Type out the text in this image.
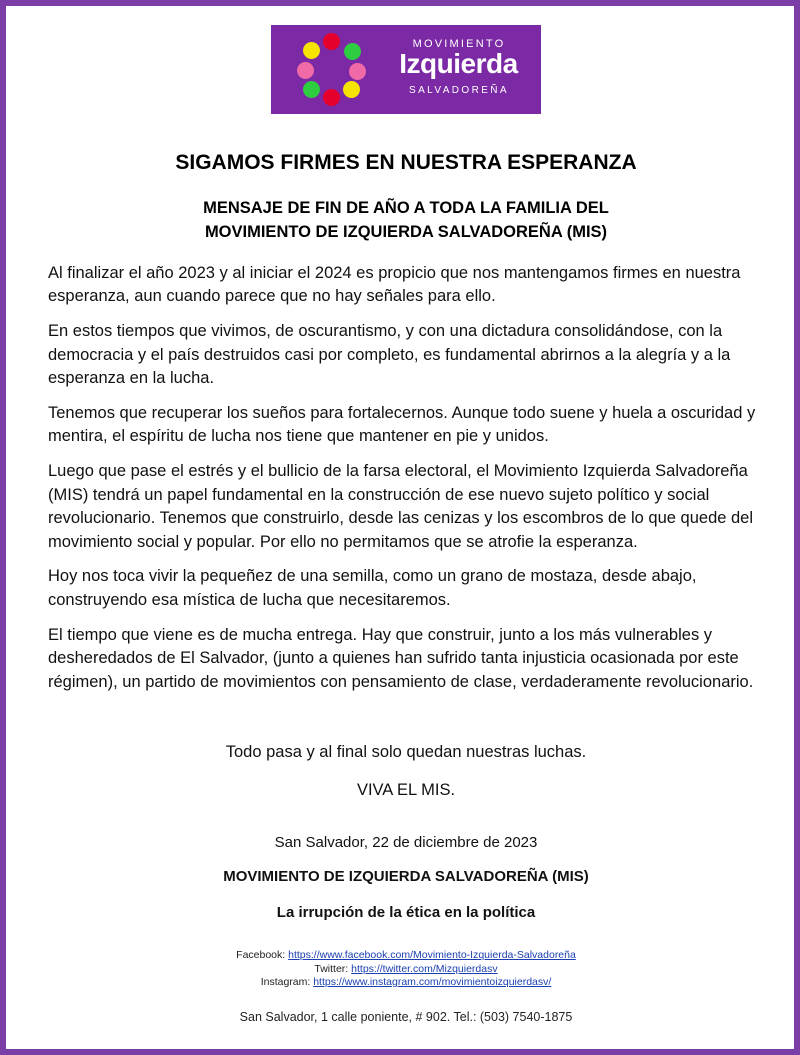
MOVIMIENTO
Izquierda
SALVADOREÑA
SIGAMOS FIRMES EN NUESTRA ESPERANZA
MENSAJE DE FIN DE AÑO A TODA LA FAMILIA DEL
MOVIMIENTO DE IZQUIERDA SALVADOREÑA (MIS)

Al finalizar el año 2023 y al iniciar el 2024 es propicio que nos mantengamos firmes en nuestra esperanza, aun cuando parece que no hay señales para ello.

En estos tiempos que vivimos, de oscurantismo, y con una dictadura consolidándose, con la democracia y el país destruidos casi por completo, es fundamental abrirnos a la alegría y a la esperanza en la lucha.

Tenemos que recuperar los sueños para fortalecernos. Aunque todo suene y huela a oscuridad y mentira, el espíritu de lucha nos tiene que mantener en pie y unidos.

Luego que pase el estrés y el bullicio de la farsa electoral, el Movimiento Izquierda Salvadoreña (MIS) tendrá un papel fundamental en la construcción de ese nuevo sujeto político y social revolucionario. Tenemos que construirlo, desde las cenizas y los escombros de lo que quede del movimiento social y popular. Por ello no permitamos que se atrofie la esperanza.

Hoy nos toca vivir la pequeñez de una semilla, como un grano de mostaza, desde abajo, construyendo esa mística de lucha que necesitaremos.

El tiempo que viene es de mucha entrega. Hay que construir, junto a los más vulnerables y desheredados de El Salvador, (junto a quienes han sufrido tanta injusticia ocasionada por este régimen), un partido de movimientos con pensamiento de clase, verdaderamente revolucionario.

Todo pasa y al final solo quedan nuestras luchas.
VIVA EL MIS.
San Salvador, 22 de diciembre de 2023
MOVIMIENTO DE IZQUIERDA SALVADOREÑA (MIS)
La irrupción de la ética en la política
Facebook: https://www.facebook.com/Movimiento-Izquierda-Salvadoreña
Twitter: https://twitter.com/Mizquierdasv
Instagram: https://www.instagram.com/movimientoizquierdasv/
San Salvador, 1 calle poniente, # 902. Tel.: (503) 7540-1875
